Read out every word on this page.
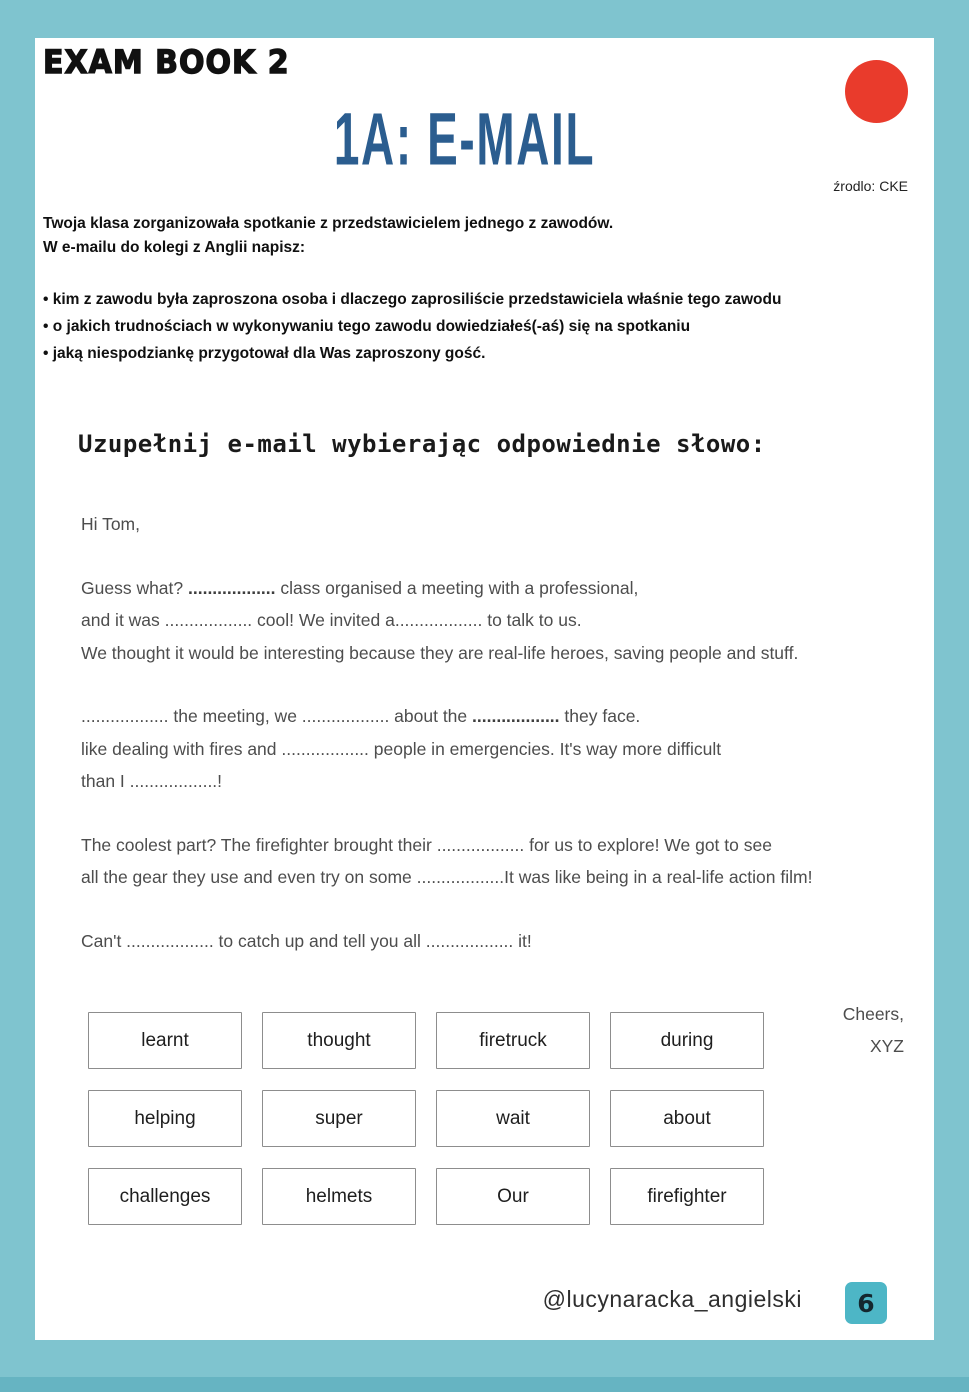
EXAM BOOK 2
1A: E-MAIL
źrodlo: CKE
Twoja klasa zorganizowała spotkanie z przedstawicielem jednego z zawodów.
W e-mailu do kolegi z Anglii napisz:
• kim z zawodu była zaproszona osoba i dlaczego zaprosiliście przedstawiciela właśnie tego zawodu
• o jakich trudnościach w wykonywaniu tego zawodu dowiedziałeś(-aś) się na spotkaniu
• jaką niespodziankę przygotował dla Was zaproszony gość.
Uzupełnij e-mail wybierając odpowiednie słowo:
Hi Tom,
Guess what? .................. class organised a meeting with a professional,
and it was .................. cool! We invited a.................. to talk to us.
We thought it would be interesting because they are real-life heroes, saving people and stuff.
.................. the meeting, we .................. about the .................. they face.
like dealing with fires and .................. people in emergencies. It's way more difficult
than I ..................!
The coolest part? The firefighter brought their .................. for us to explore! We got to see
all the gear they use and even try on some ..................It was like being in a real-life action film!
Can't .................. to catch up and tell you all .................. it!
Cheers,
XYZ
learnt	thought	firetruck	during
helping	super	wait	about
challenges	helmets	Our	firefighter
@lucynaracka_angielski 6
